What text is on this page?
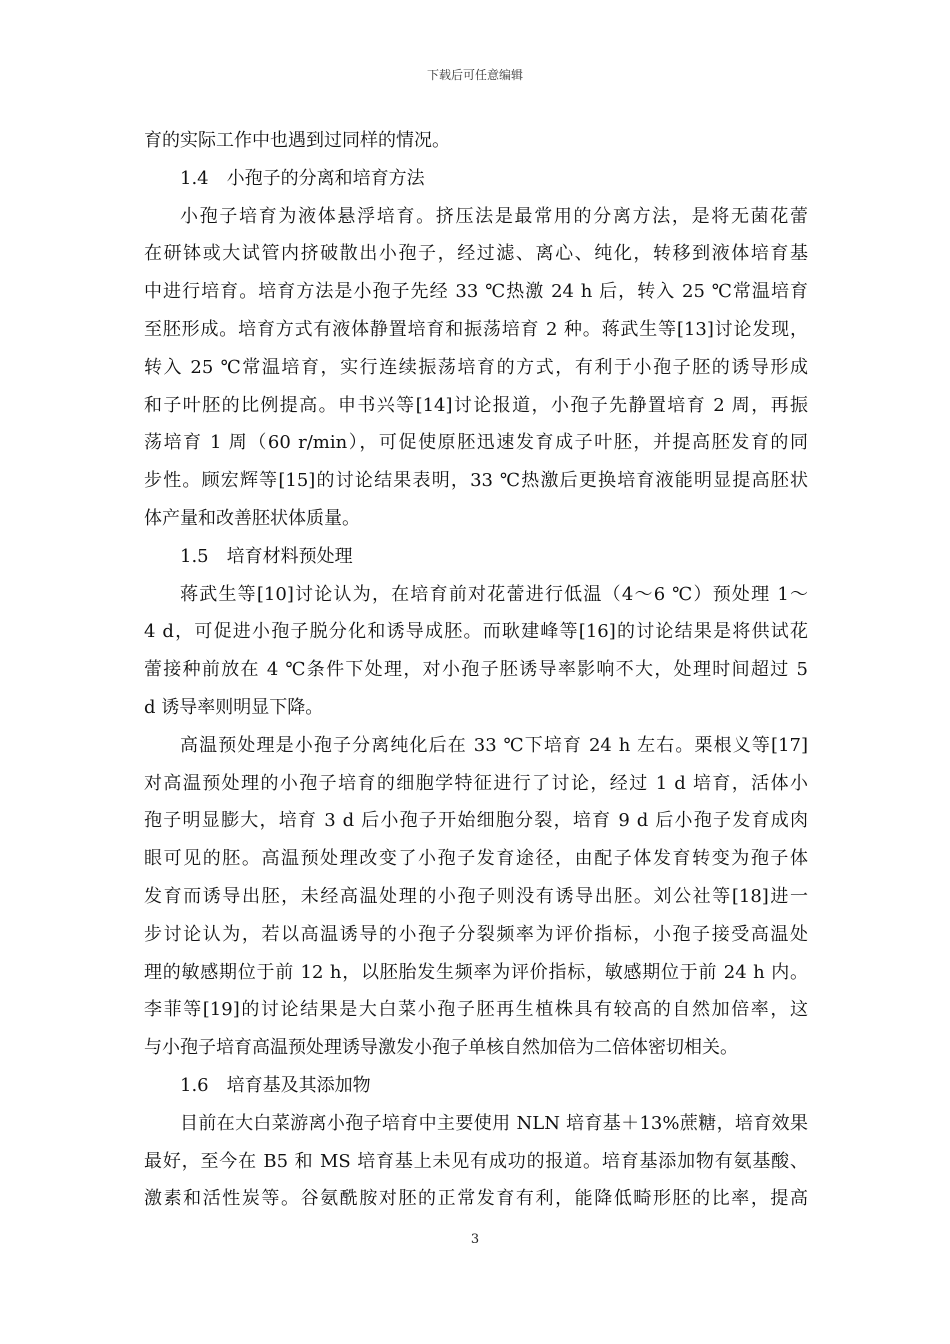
下载后可任意编辑
育的实际工作中也遇到过同样的情况。
1.4　小孢子的分离和培育方法
小孢子培育为液体悬浮培育。挤压法是最常用的分离方法，是将无菌花蕾
在研钵或大试管内挤破散出小孢子，经过滤、离心、纯化，转移到液体培育基
中进行培育。培育方法是小孢子先经 33 ℃热激 24 h 后，转入 25 ℃常温培育
至胚形成。培育方式有液体静置培育和振荡培育 2 种。蒋武生等[13]讨论发现，
转入 25 ℃常温培育，实行连续振荡培育的方式，有利于小孢子胚的诱导形成
和子叶胚的比例提高。申书兴等[14]讨论报道，小孢子先静置培育 2 周，再振
荡培育 1 周（60 r/min），可促使原胚迅速发育成子叶胚，并提高胚发育的同
步性。顾宏辉等[15]的讨论结果表明，33 ℃热激后更换培育液能明显提高胚状
体产量和改善胚状体质量。
1.5　培育材料预处理
蒋武生等[10]讨论认为，在培育前对花蕾进行低温（4～6 ℃）预处理 1～
4 d，可促进小孢子脱分化和诱导成胚。而耿建峰等[16]的讨论结果是将供试花
蕾接种前放在 4 ℃条件下处理，对小孢子胚诱导率影响不大，处理时间超过 5
d 诱导率则明显下降。
高温预处理是小孢子分离纯化后在 33 ℃下培育 24 h 左右。栗根义等[17]
对高温预处理的小孢子培育的细胞学特征进行了讨论，经过 1 d 培育，活体小
孢子明显膨大，培育 3 d 后小孢子开始细胞分裂，培育 9 d 后小孢子发育成肉
眼可见的胚。高温预处理改变了小孢子发育途径，由配子体发育转变为孢子体
发育而诱导出胚，未经高温处理的小孢子则没有诱导出胚。刘公社等[18]进一
步讨论认为，若以高温诱导的小孢子分裂频率为评价指标，小孢子接受高温处
理的敏感期位于前 12 h，以胚胎发生频率为评价指标，敏感期位于前 24 h 内。
李菲等[19]的讨论结果是大白菜小孢子胚再生植株具有较高的自然加倍率，这
与小孢子培育高温预处理诱导激发小孢子单核自然加倍为二倍体密切相关。
1.6　培育基及其添加物
目前在大白菜游离小孢子培育中主要使用 NLN 培育基＋13%蔗糖，培育效果
最好，至今在 B5 和 MS 培育基上未见有成功的报道。培育基添加物有氨基酸、
激素和活性炭等。谷氨酰胺对胚的正常发育有利，能降低畸形胚的比率，提高
3
